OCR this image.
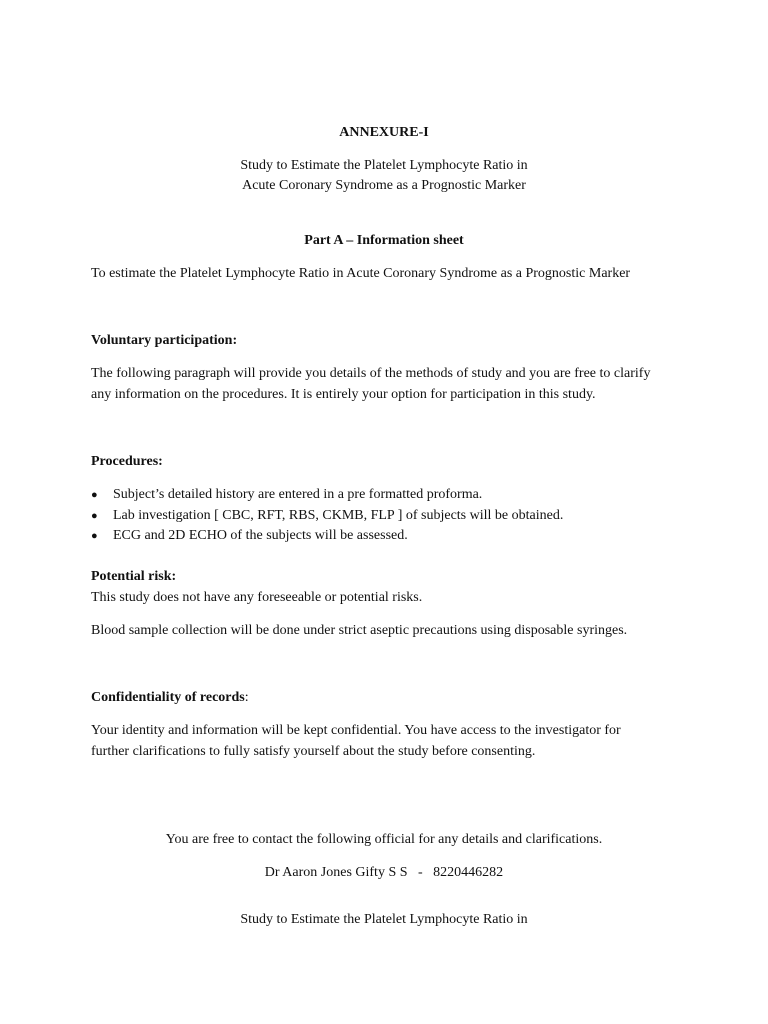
ANNEXURE-I
Study to Estimate the Platelet Lymphocyte Ratio in
Acute Coronary Syndrome as a Prognostic Marker
Part A – Information sheet
To estimate the Platelet Lymphocyte Ratio in Acute Coronary Syndrome as a Prognostic Marker
Voluntary participation:
The following paragraph will provide you details of the methods of study and you are free to clarify
any information on the procedures. It is entirely your option for participation in this study.
Procedures:
● Subject’s detailed history are entered in a pre formatted proforma.
● Lab investigation [ CBC, RFT, RBS, CKMB, FLP ] of subjects will be obtained.
● ECG and 2D ECHO of the subjects will be assessed.
Potential risk:
This study does not have any foreseeable or potential risks.
Blood sample collection will be done under strict aseptic precautions using disposable syringes.
Confidentiality of records:
Your identity and information will be kept confidential. You have access to the investigator for
further clarifications to fully satisfy yourself about the study before consenting.
You are free to contact the following official for any details and clarifications.
Dr Aaron Jones Gifty S S   -   8220446282
Study to Estimate the Platelet Lymphocyte Ratio in
